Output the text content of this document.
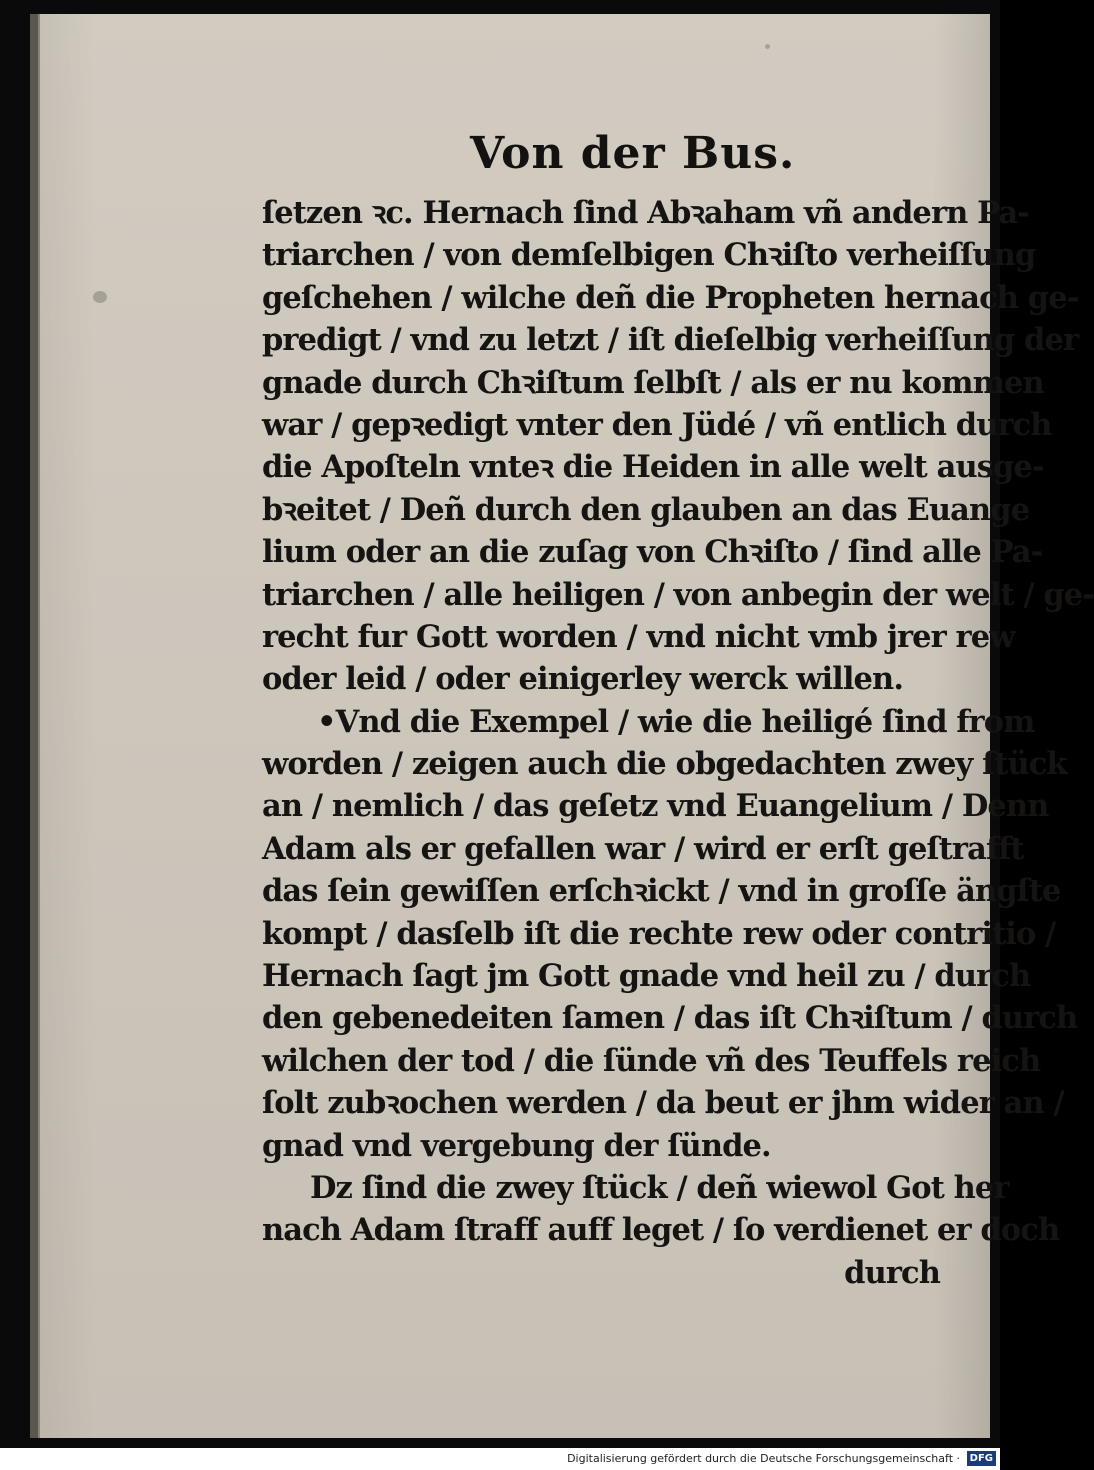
Von der Bus.
ſetzen ꝛc. Hernach ſind Abꝛaham vñ andern Pa-
triarchen / von demſelbigen Chꝛiſto verheiſſung
geſchehen / wilche deñ die Propheten hernach ge-
predigt / vnd zu letzt / iſt dieſelbig verheiſſung der
gnade durch Chꝛiſtum ſelbſt / als er nu kommen
war / gepꝛedigt vnter den Jüdé / vñ entlich durch
die Apoſteln vnteꝛ die Heiden in alle welt ausge-
bꝛeitet / Deñ durch den glauben an das Euange
lium oder an die zuſag von Chꝛiſto / ſind alle Pa-
triarchen / alle heiligen / von anbegin der welt / ge-
recht fur Gott worden / vnd nicht vmb jrer rew
oder leid / oder einigerley werck willen.
•Vnd die Exempel / wie die heiligé ſind from
worden / zeigen auch die obgedachten zwey ſtück
an / nemlich / das geſetz vnd Euangelium / Denn
Adam als er gefallen war / wird er erſt geſtrafft
das ſein gewiſſen erſchꝛickt / vnd in groſſe ängſte
kompt / dasſelb iſt die rechte rew oder contritio /
Hernach ſagt jm Gott gnade vnd heil zu / durch
den gebenedeiten ſamen / das iſt Chꝛiſtum / durch
wilchen der tod / die ſünde vñ des Teuffels reich
ſolt zubꝛochen werden / da beut er jhm wider an /
gnad vnd vergebung der ſünde.
Dz ſind die zwey ſtück / deñ wiewol Got her
nach Adam ſtraff auff leget / ſo verdienet er doch
durch
Digitalisierung gefördert durch die Deutsche Forschungsgemeinschaft · DFG
